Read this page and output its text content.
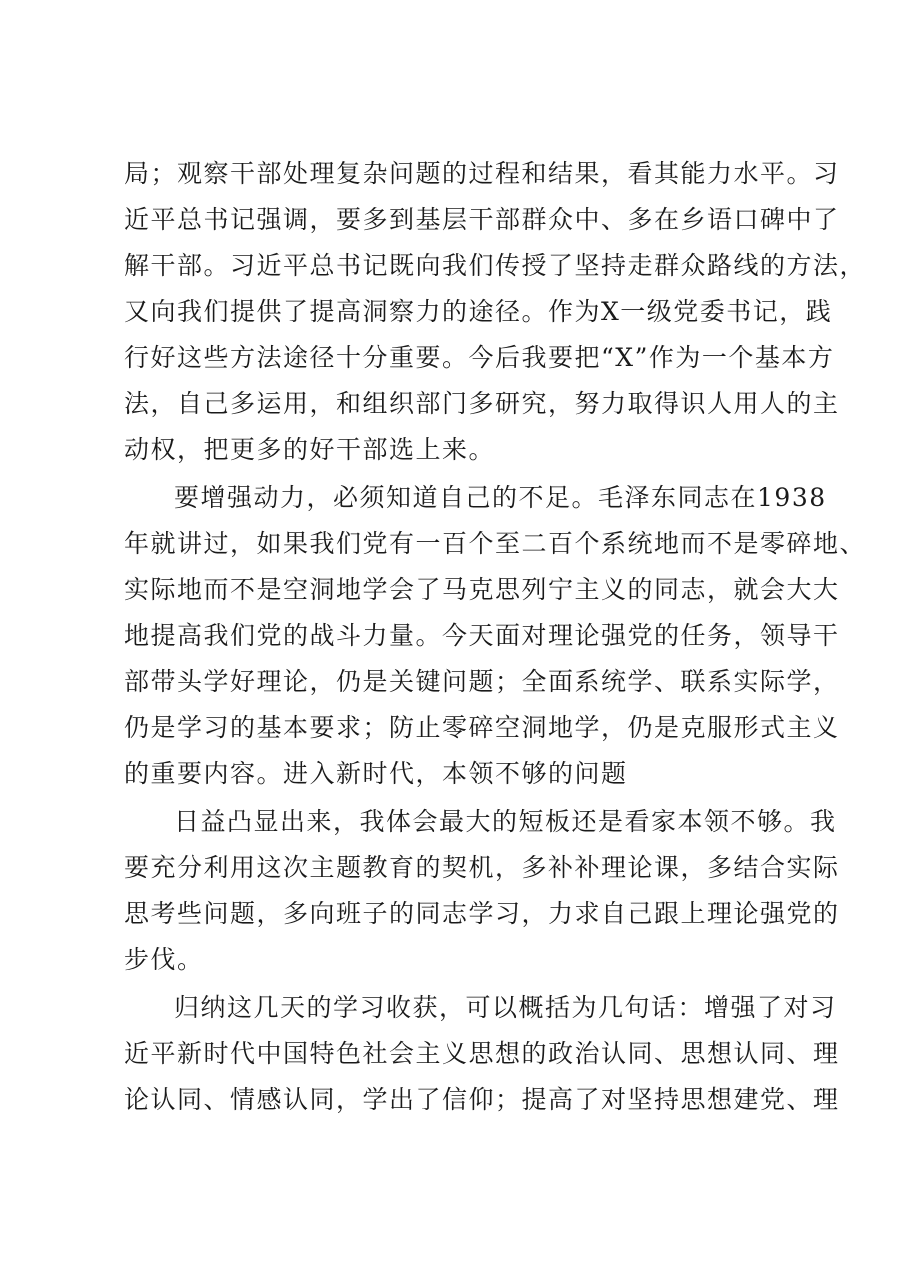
局；观察干部处理复杂问题的过程和结果，看其能力水平。习
近平总书记强调，要多到基层干部群众中、多在乡语口碑中了
解干部。习近平总书记既向我们传授了坚持走群众路线的方法，
又向我们提供了提高洞察力的途径。作为X一级党委书记，践
行好这些方法途径十分重要。今后我要把“X”作为一个基本方
法，自己多运用，和组织部门多研究，努力取得识人用人的主
动权，把更多的好干部选上来。
要增强动力，必须知道自己的不足。毛泽东同志在1938
年就讲过，如果我们党有一百个至二百个系统地而不是零碎地、
实际地而不是空洞地学会了马克思列宁主义的同志，就会大大
地提高我们党的战斗力量。今天面对理论强党的任务，领导干
部带头学好理论，仍是关键问题；全面系统学、联系实际学，
仍是学习的基本要求；防止零碎空洞地学，仍是克服形式主义
的重要内容。进入新时代，本领不够的问题
日益凸显出来，我体会最大的短板还是看家本领不够。我
要充分利用这次主题教育的契机，多补补理论课，多结合实际
思考些问题，多向班子的同志学习，力求自己跟上理论强党的
步伐。
归纳这几天的学习收获，可以概括为几句话：增强了对习
近平新时代中国特色社会主义思想的政治认同、思想认同、理
论认同、情感认同，学出了信仰；提高了对坚持思想建党、理
